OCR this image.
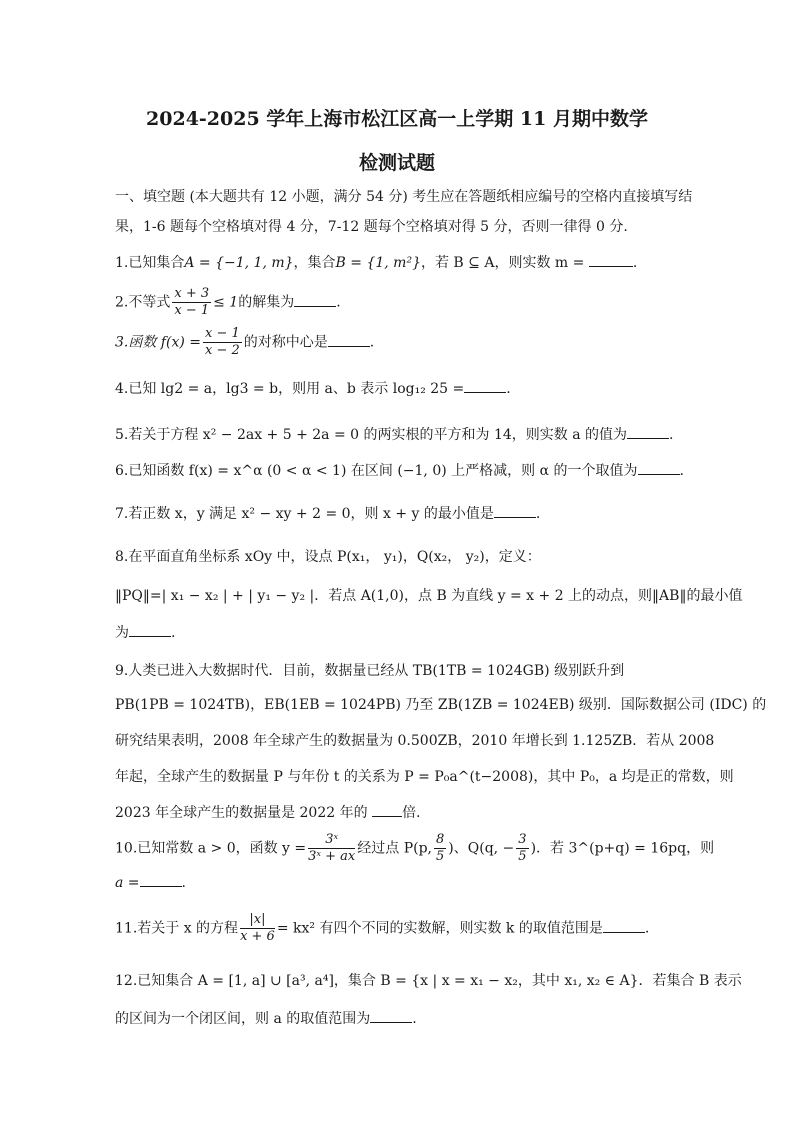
2024-2025 学年上海市松江区高一上学期 11 月期中数学
检测试题
一、填空题 (本大题共有 12 小题，满分 54 分) 考生应在答题纸相应编号的空格内直接填写结
果，1-6 题每个空格填对得 4 分，7-12 题每个空格填对得 5 分，否则一律得 0 分.
1.已知集合A = {−1, 1, m}，集合B = {1, m²}，若 B ⊆ A，则实数 m =	.
2.不等式 $\frac{x + 3}{x - 1} \le 1$的解集为	.
3.函数 $f(x) = \frac{x - 1}{x - 2}$ 的对称中心是	.
4.已知 lg2 = a，lg3 = b，则用 a、b 表示 log₁₂ 25 =	.
5.若关于方程 x² − 2ax + 5 + 2a = 0 的两实根的平方和为 14，则实数 a 的值为	.
6.已知函数 f(x) = x^α (0 < α < 1) 在区间 (−1, 0) 上严格减，则 α 的一个取值为	.
7.若正数 x，y 满足 x² − xy + 2 = 0，则 x + y 的最小值是	.
8.在平面直角坐标系 xOy 中，设点 P(x₁， y₁)，Q(x₂， y₂)，定义：
‖PQ‖=| x₁ − x₂ | + | y₁ − y₂ |．若点 A(1,0)，点 B 为直线 y = x + 2 上的动点，则‖AB‖的最小值
为	.
9.人类已进入大数据时代．目前，数据量已经从 TB(1TB = 1024GB) 级别跃升到
PB(1PB = 1024TB)，EB(1EB = 1024PB) 乃至 ZB(1ZB = 1024EB) 级别．国际数据公司 (IDC) 的
研究结果表明，2008 年全球产生的数据量为 0.500ZB，2010 年增长到 1.125ZB．若从 2008
年起，全球产生的数据量 P 与年份 t 的关系为 P = P₀a^(t−2008)，其中 P₀，a 均是正的常数，则
2023 年全球产生的数据量是 2022 年的 倍.
10.已知常数 a > 0，函数 $y = \frac{\text{3ˣ}}{\text{3ˣ + ax}}$ 经过点 P(p, $\frac{8}{5}$ )、Q(q, − $\frac{3}{5}$ )．若 3^(p+q) = 16pq，则
a =	.
11.若关于 x 的方程 $\frac{|x|}{x + 6} = kx^2$ 有四个不同的实数解，则实数 k 的取值范围是	.
12.已知集合 A = [1, a] ∪ [a³, a⁴]，集合 B = {x | x = x₁ − x₂，其中 x₁, x₂ ∈ A}．若集合 B 表示
的区间为一个闭区间，则 a 的取值范围为	.
